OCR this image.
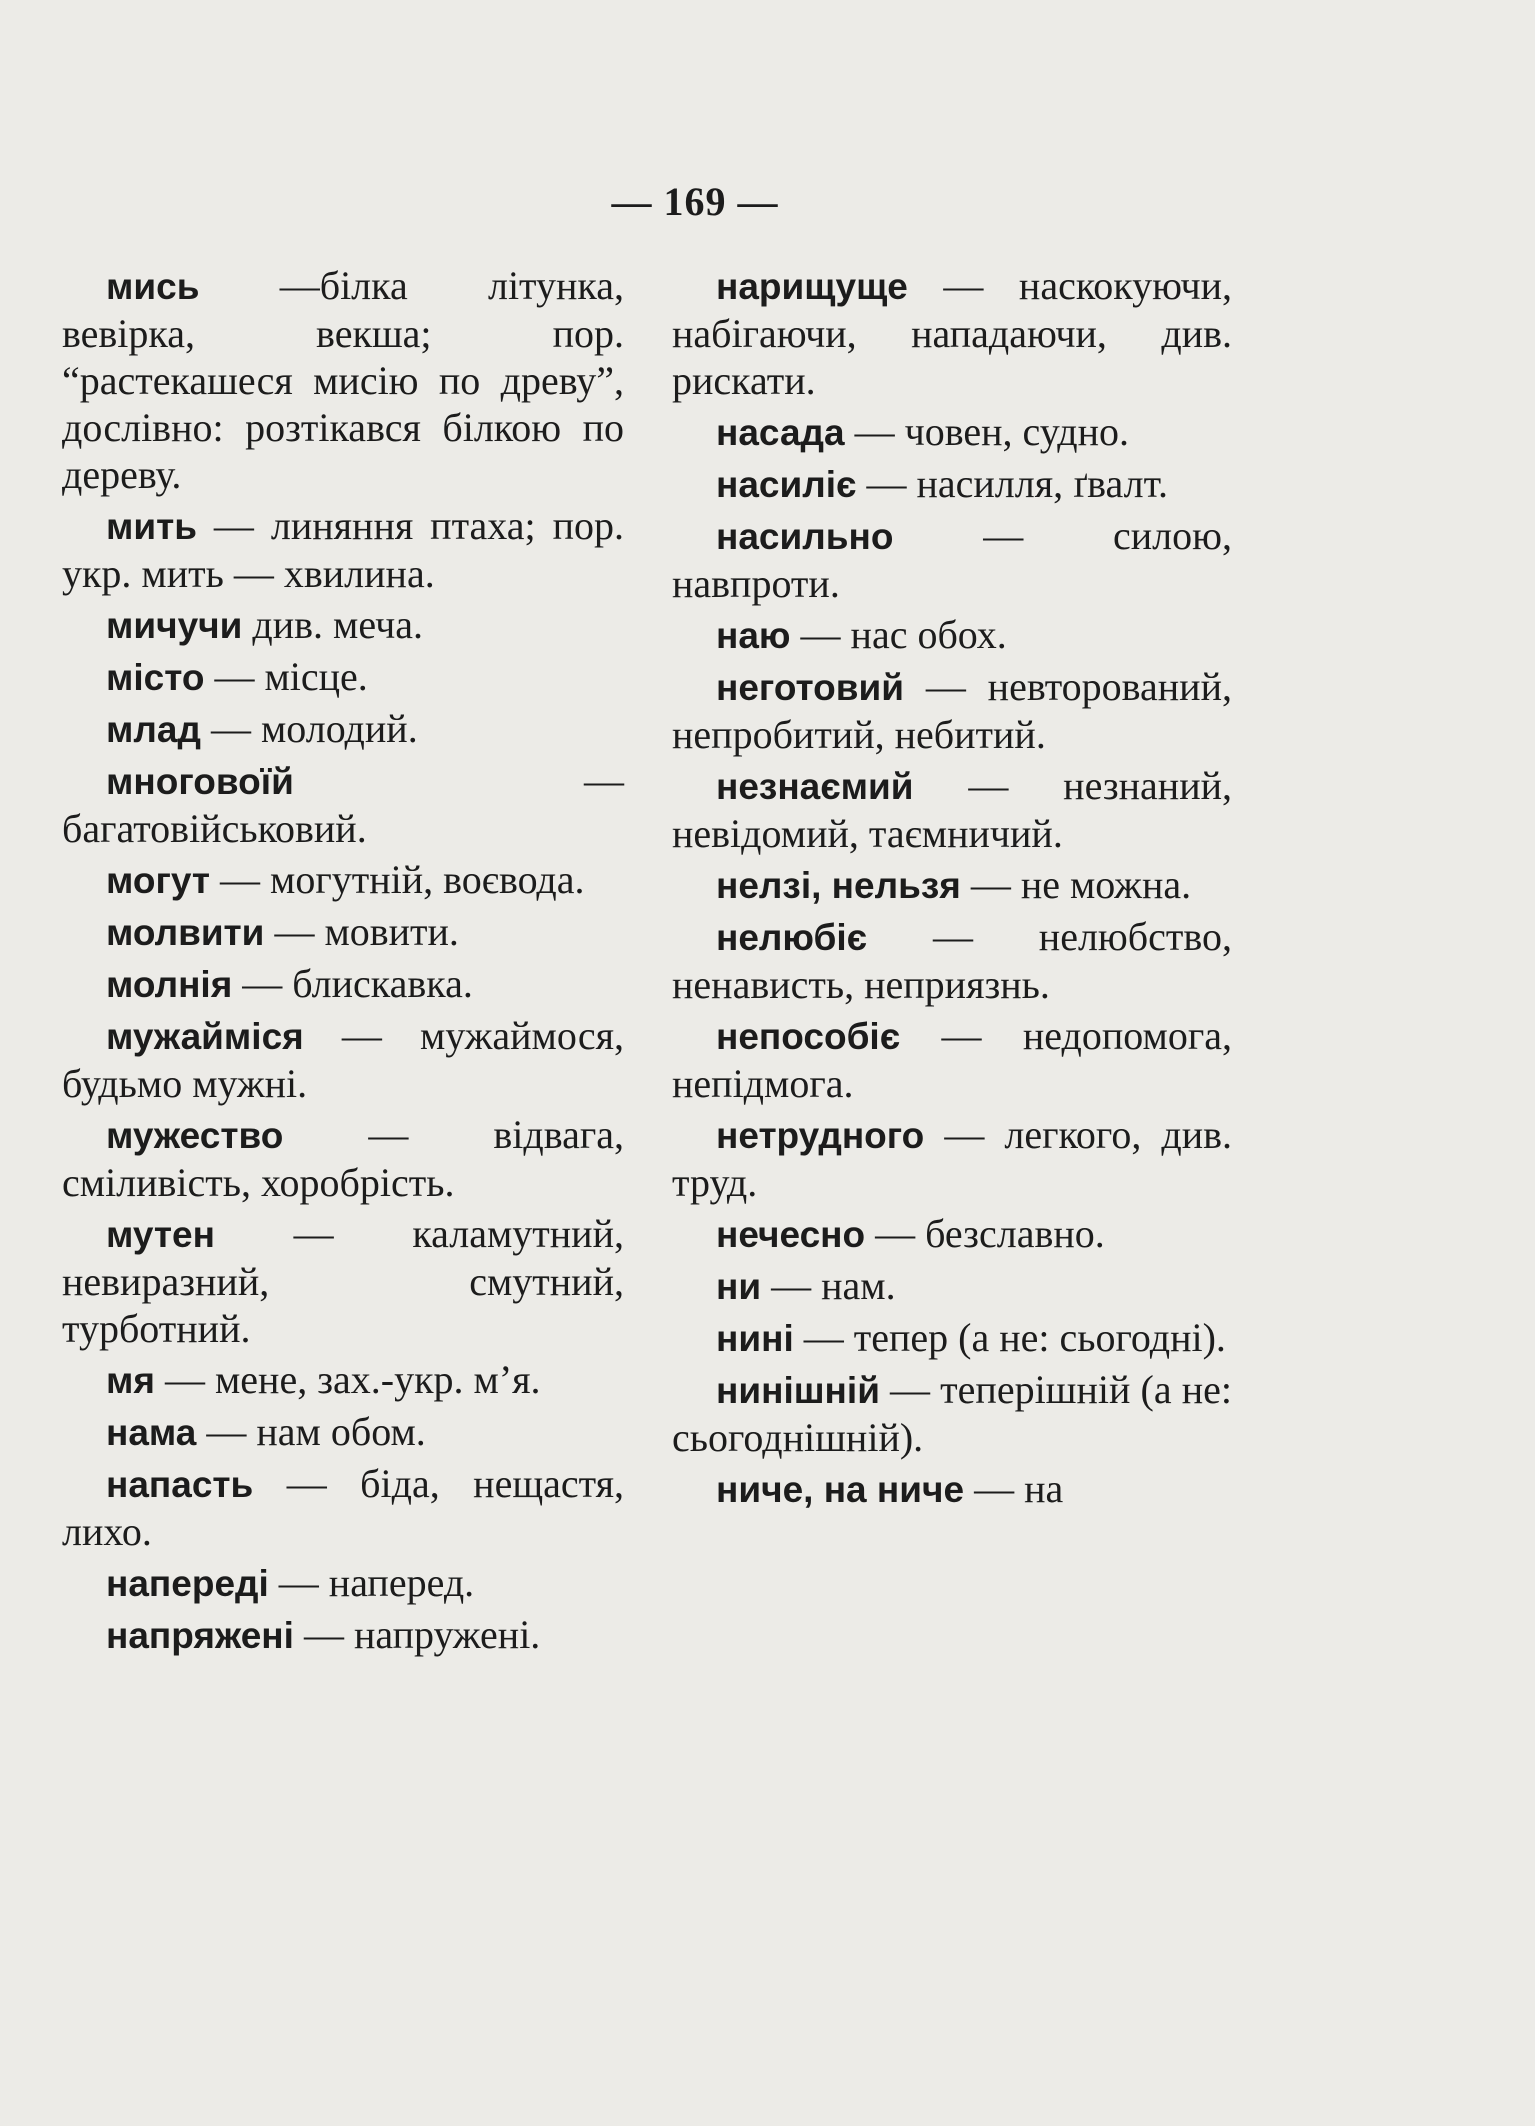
— 169 —

мись —білка літунка, вевірка, векша; пор. “растекашеся мисію по древу”, дослівно: розтікався білкою по дереву.

мить — линяння птаха; пор. укр. мить — хвилина.

мичучи див. меча.

місто — місце.

млад — молодий.

многовоїй — багатовійськовий.

могут — могутній, воєвода.

молвити — мовити.

молнія — блискавка.

мужайміся — мужаймося, будьмо мужні.

мужество — відвага, сміливість, хоробрість.

мутен — каламутний, невиразний, смутний, турботний.

мя — мене, зах.-укр. м’я.

нама — нам обом.

напасть — біда, нещастя, лихо.

напереді — наперед.

напряжені — напружені.

нарищуще — наскокуючи, набігаючи, нападаючи, див. рискати.

насада — човен, судно.

насиліє — насилля, ґвалт.

насильно — силою, навпроти.

наю — нас обох.

неготовий — невторований, непробитий, небитий.

незнаємий — незнаний, невідомий, таємничий.

нелзі, нельзя — не можна.

нелюбіє — нелюбство, ненавиcть, неприязнь.

непособіє — недопомога, непідмога.

нетрудного — легкого, див. труд.

нечесно — безславно.

ни — нам.

нині — тепер (а не: сьогодні).

нинішній — теперішній (а не: сьогоднішній).

ниче, на ниче — на
